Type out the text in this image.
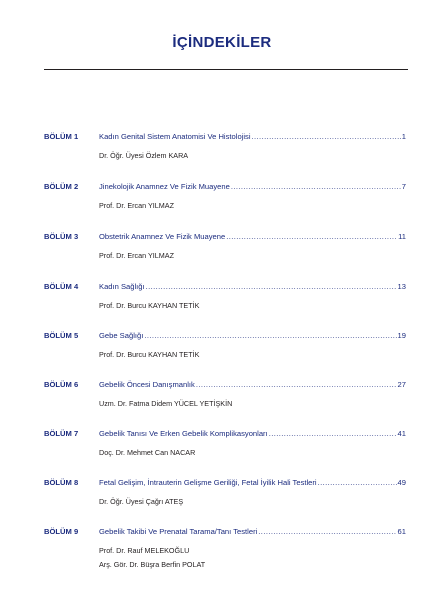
İÇİNDEKİLER
BÖLÜM 1	Kadın Genital Sistem Anatomisi Ve Histolojisi .....	1
Dr. Öğr. Üyesi Özlem KARA
BÖLÜM 2	Jinekolojik Anamnez Ve Fizik Muayene .....	7
Prof. Dr. Ercan YILMAZ
BÖLÜM 3	Obstetrik Anamnez Ve Fizik Muayene .....	11
Prof. Dr. Ercan YILMAZ
BÖLÜM 4	Kadın Sağlığı .....	13
Prof. Dr. Burcu KAYHAN TETİK
BÖLÜM 5	Gebe Sağlığı .....	19
Prof. Dr. Burcu KAYHAN TETİK
BÖLÜM 6	Gebelik Öncesi Danışmanlık .....	27
Uzm. Dr. Fatma Didem YÜCEL YETİŞKİN
BÖLÜM 7	Gebelik Tanısı Ve Erken Gebelik Komplikasyonları .....	41
Doç. Dr. Mehmet Can NACAR
BÖLÜM 8	Fetal Gelişim, İntrauterin Gelişme Geriliği, Fetal İyilik Hali Testleri .....	49
Dr. Öğr. Üyesi Çağrı ATEŞ
BÖLÜM 9	Gebelik Takibi Ve Prenatal Tarama/Tanı Testleri .....	61
Prof. Dr. Rauf MELEKOĞLU
Arş. Gör. Dr. Büşra Berfin POLAT
